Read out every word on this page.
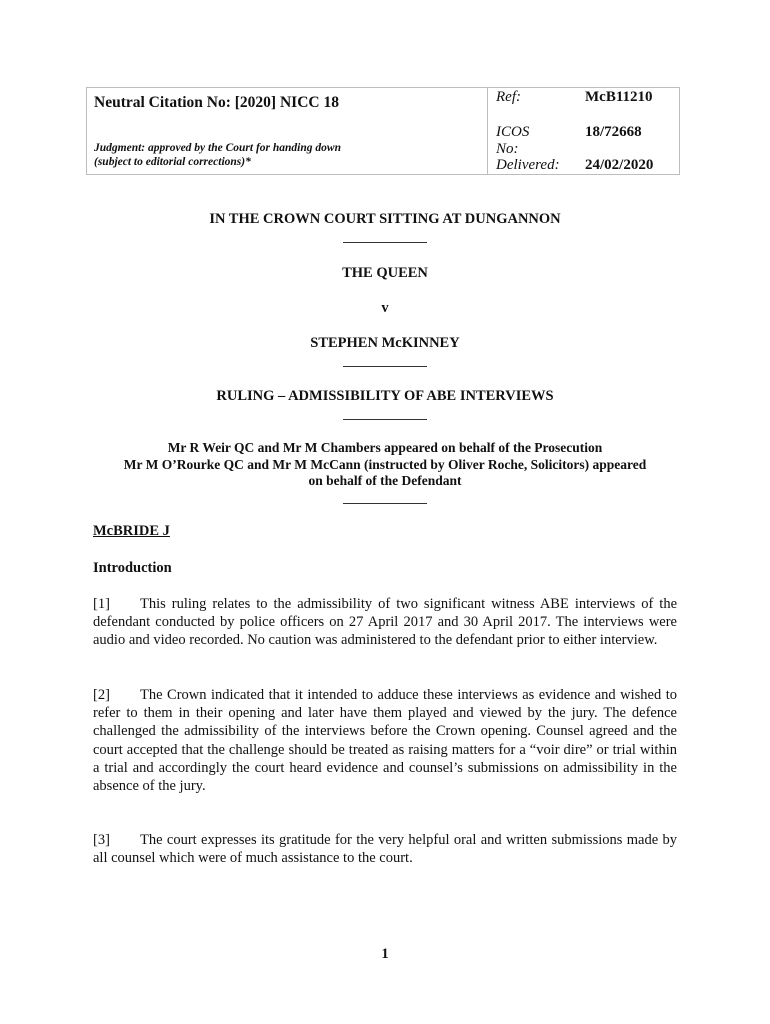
Neutral Citation No: [2020] NICC 18
Judgment: approved by the Court for handing down
(subject to editorial corrections)*
Ref:	McB11210
ICOS No:
18/72668
Delivered: 24/02/2020
IN THE CROWN COURT SITTING AT DUNGANNON
THE QUEEN
v
STEPHEN McKINNEY
RULING – ADMISSIBILITY OF ABE INTERVIEWS
Mr R Weir QC and Mr M Chambers appeared on behalf of the Prosecution
Mr M O’Rourke QC and Mr M McCann (instructed by Oliver Roche, Solicitors) appeared
on behalf of the Defendant
McBRIDE J
Introduction
[1] This ruling relates to the admissibility of two significant witness ABE interviews of the defendant conducted by police officers on 27 April 2017 and 30 April 2017. The interviews were audio and video recorded. No caution was administered to the defendant prior to either interview.
[2] The Crown indicated that it intended to adduce these interviews as evidence and wished to refer to them in their opening and later have them played and viewed by the jury. The defence challenged the admissibility of the interviews before the Crown opening. Counsel agreed and the court accepted that the challenge should be treated as raising matters for a “voir dire” or trial within a trial and accordingly the court heard evidence and counsel’s submissions on admissibility in the absence of the jury.
[3] The court expresses its gratitude for the very helpful oral and written submissions made by all counsel which were of much assistance to the court.
1
